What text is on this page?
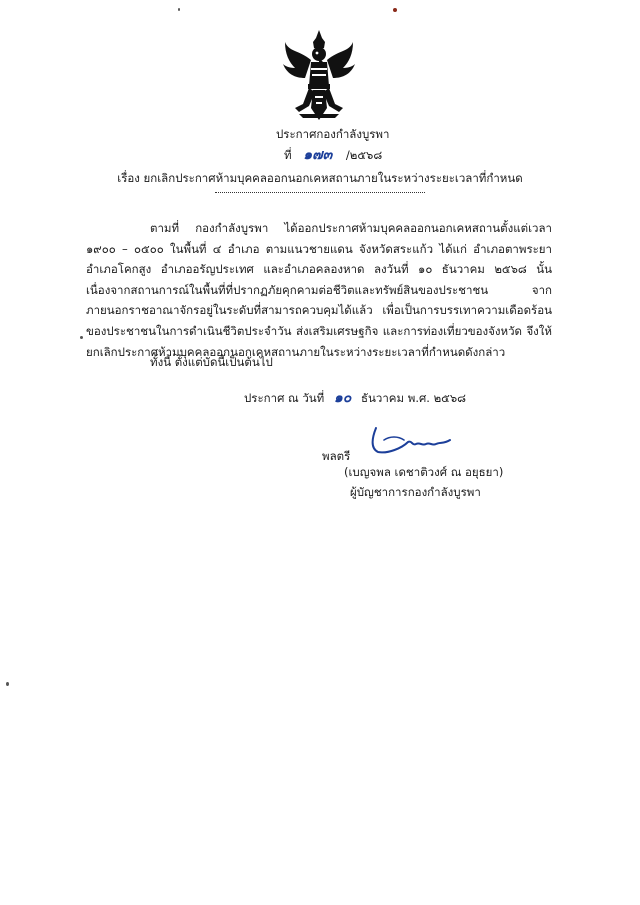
ประกาศกองกำลังบูรพา
ที่ ๑๗๓ /๒๕๖๘
เรื่อง ยกเลิกประกาศห้ามบุคคลออกนอกเคหสถานภายในระหว่างระยะเวลาที่กำหนด

ตามที่ กองกำลังบูรพา ได้ออกประกาศห้ามบุคคลออกนอกเคหสถานตั้งแต่เวลา ๑๙๐๐ – ๐๕๐๐ ในพื้นที่ ๔ อำเภอ ตามแนวชายแดน จังหวัดสระแก้ว ได้แก่ อำเภอตาพระยา อำเภอโคกสูง อำเภออรัญประเทศ และอำเภอคลองหาด ลงวันที่ ๑๐ ธันวาคม ๒๕๖๘ นั้น เนื่องจากสถานการณ์ในพื้นที่ที่ปรากฏภัยคุกคามต่อชีวิตและทรัพย์สินของประชาชน จากภายนอกราชอาณาจักรอยู่ในระดับที่สามารถควบคุมได้แล้ว เพื่อเป็นการบรรเทาความเดือดร้อนของประชาชนในการดำเนินชีวิตประจำวัน ส่งเสริมเศรษฐกิจ และการท่องเที่ยวของจังหวัด จึงให้ยกเลิกประกาศห้ามบุคคลออกนอกเคหสถานภายในระหว่างระยะเวลาที่กำหนดดังกล่าว

ทั้งนี้ ตั้งแต่บัดนี้เป็นต้นไป
ประกาศ ณ วันที่ ๑๐ ธันวาคม พ.ศ. ๒๕๖๘
พลตรี
(เบญจพล เดชาติวงศ์ ณ อยุธยา)
ผู้บัญชาการกองกำลังบูรพา
